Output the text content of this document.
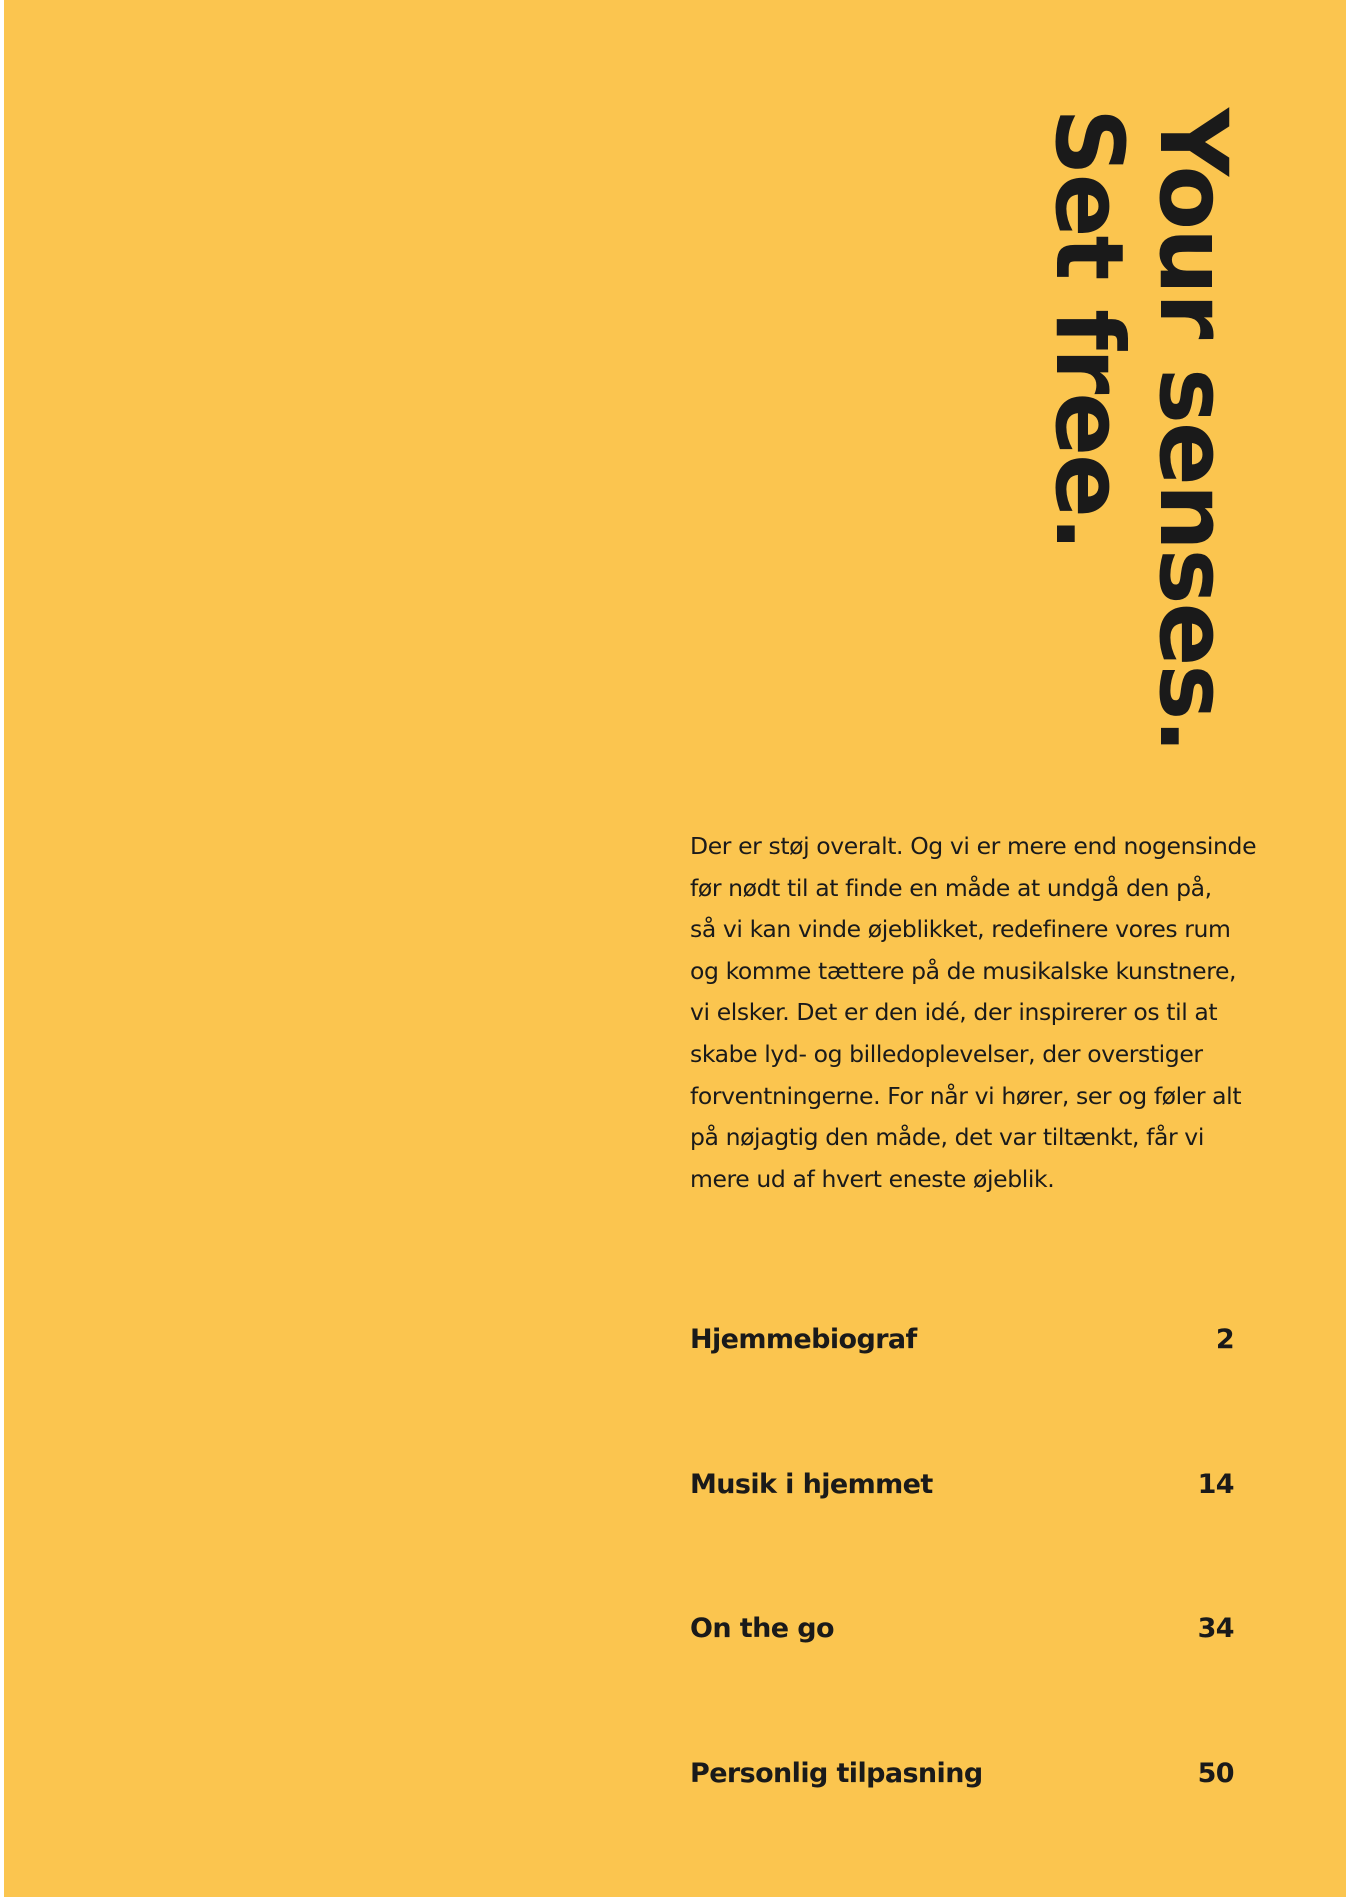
Your senses.
Set free.
Der er støj overalt. Og vi er mere end nogensinde
før nødt til at finde en måde at undgå den på,
så vi kan vinde øjeblikket, redefinere vores rum
og komme tættere på de musikalske kunstnere,
vi elsker. Det er den idé, der inspirerer os til at
skabe lyd- og billedoplevelser, der overstiger
forventningerne. For når vi hører, ser og føler alt
på nøjagtig den måde, det var tiltænkt, får vi
mere ud af hvert eneste øjeblik.
Hjemmebiograf	2
Musik i hjemmet	14
On the go	34
Personlig tilpasning	50
